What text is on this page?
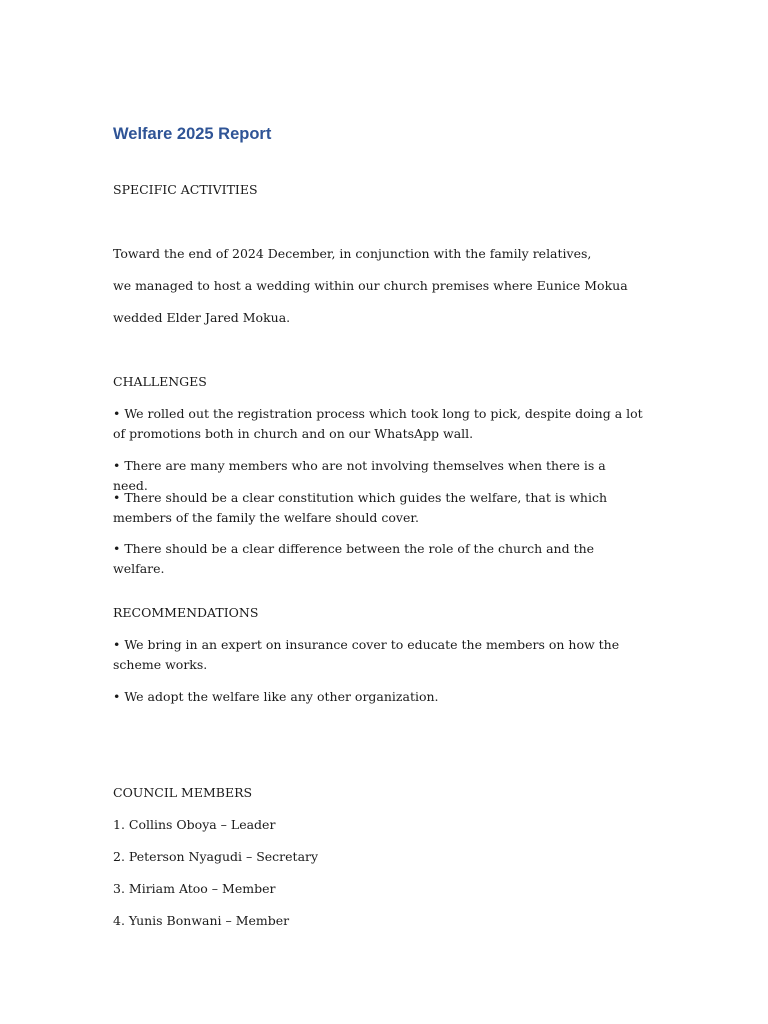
Welfare 2025 Report
SPECIFIC ACTIVITIES
Toward the end of 2024 December, in conjunction with the family relatives,
we managed to host a wedding within our church premises where Eunice Mokua
wedded Elder Jared Mokua.
CHALLENGES
• We rolled out the registration process which took long to pick, despite doing a lot of promotions both in church and on our WhatsApp wall.
• There are many members who are not involving themselves when there is a need.
• There should be a clear constitution which guides the welfare, that is which members of the family the welfare should cover.
• There should be a clear difference between the role of the church and the welfare.
RECOMMENDATIONS
• We bring in an expert on insurance cover to educate the members on how the scheme works.
• We adopt the welfare like any other organization.
COUNCIL MEMBERS
1. Collins Oboya – Leader
2. Peterson Nyagudi – Secretary
3. Miriam Atoo – Member
4. Yunis Bonwani – Member
